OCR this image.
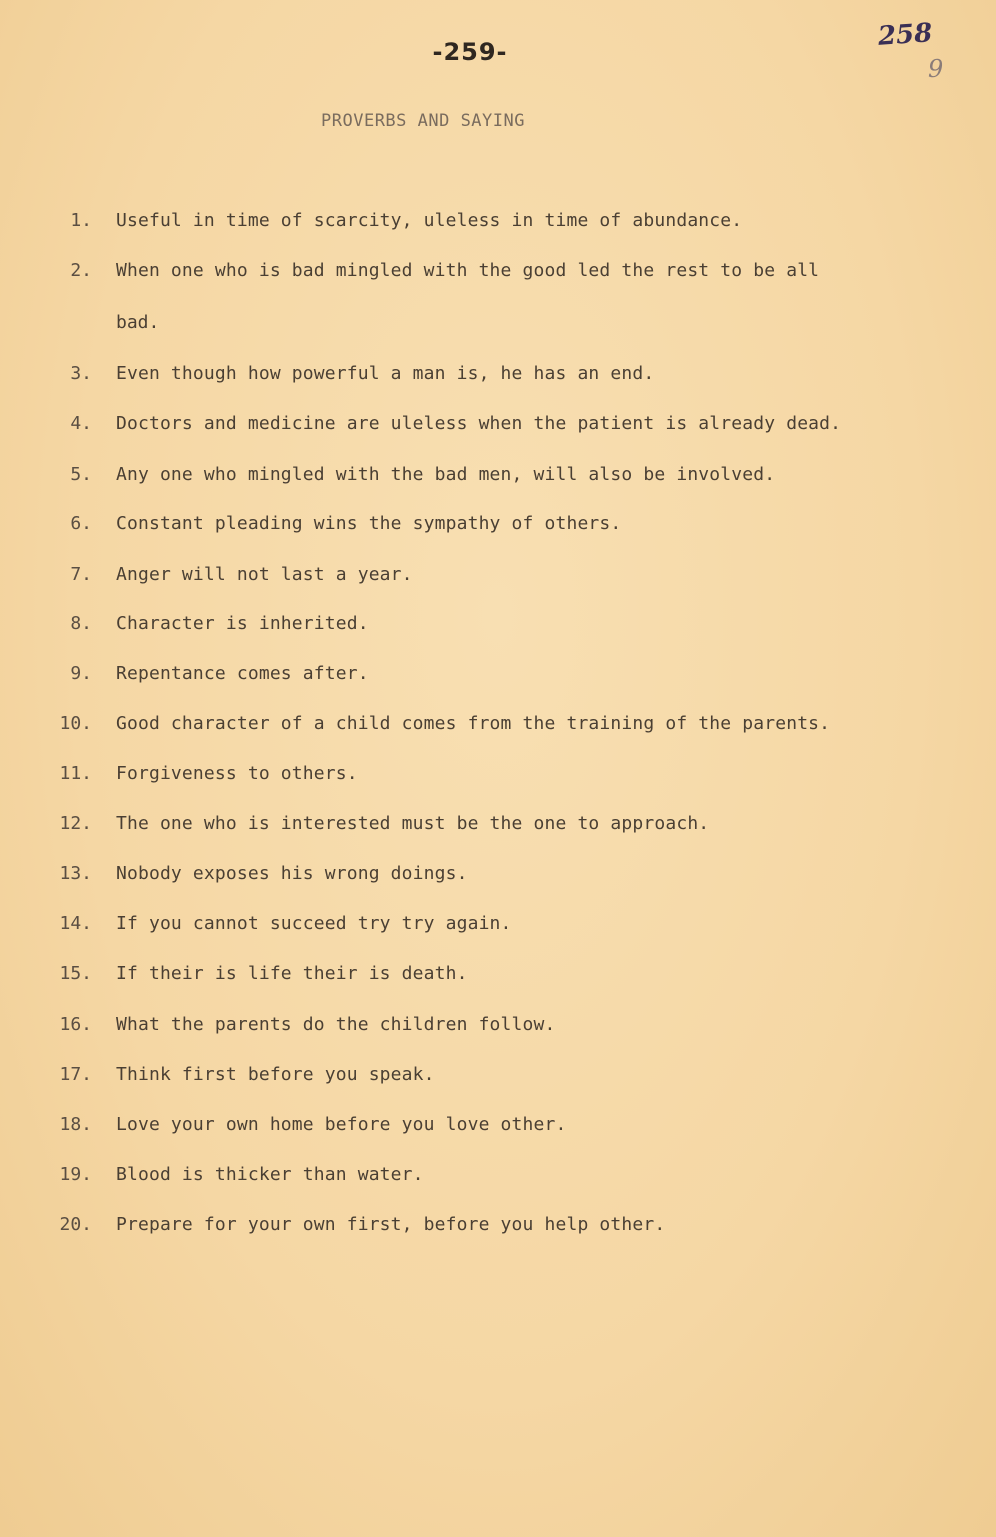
-259-
258
9
PROVERBS AND SAYING
1. Useful in time of scarcity, uleless in time of abundance.
2. When one who is bad mingled with the good led the rest to be all
bad.
3. Even though how powerful a man is, he has an end.
4. Doctors and medicine are uleless when the patient is already dead.
5. Any one who mingled with the bad men, will also be involved.
6. Constant pleading wins the sympathy of others.
7. Anger will not last a year.
8. Character is inherited.
9. Repentance comes after.
10. Good character of a child comes from the training of the parents.
11. Forgiveness to others.
12. The one who is interested must be the one to approach.
13. Nobody exposes his wrong doings.
14. If you cannot succeed try try again.
15. If their is life their is death.
16. What the parents do the children follow.
17. Think first before you speak.
18. Love your own home before you love other.
19. Blood is thicker than water.
20. Prepare for your own first, before you help other.
